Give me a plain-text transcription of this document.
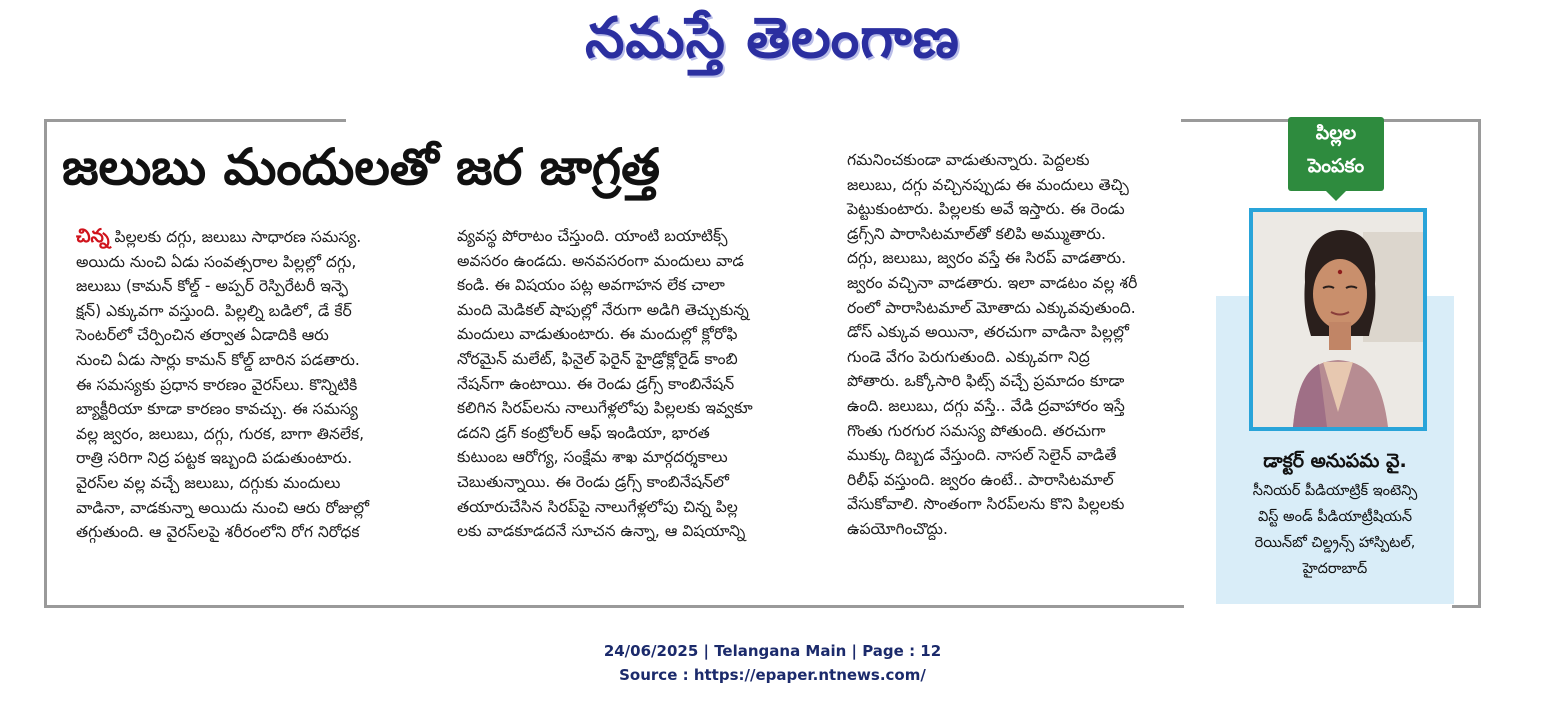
నమస్తే తెలంగాణ
జలుబు మందులతో జర జాగ్రత్త
చిన్న పిల్లలకు దగ్గు, జలుబు సాధారణ సమస్య.
అయిదు నుంచి ఏడు సంవత్సరాల పిల్లల్లో దగ్గు,
జలుబు (కామన్ కోల్డ్ - అప్పర్ రెస్పిరేటరీ ఇన్ఫె
క్షన్) ఎక్కువగా వస్తుంది. పిల్లల్ని బడిలో, డే కేర్
సెంటర్‌లో చేర్పించిన తర్వాత ఏడాదికి ఆరు
నుంచి ఏడు సార్లు కామన్ కోల్డ్ బారిన పడతారు.
ఈ సమస్యకు ప్రధాన కారణం వైరస్‌లు. కొన్నిటికి
బ్యాక్టీరియా కూడా కారణం కావచ్చు. ఈ సమస్య
వల్ల జ్వరం, జలుబు, దగ్గు, గురక, బాగా తినలేక,
రాత్రి సరిగా నిద్ర పట్టక ఇబ్బంది పడుతుంటారు.
వైరస్‌ల వల్ల వచ్చే జలుబు, దగ్గుకు మందులు
వాడినా, వాడకున్నా అయిదు నుంచి ఆరు రోజుల్లో
తగ్గుతుంది. ఆ వైరస్‌లపై శరీరంలోని రోగ నిరోధక
వ్యవస్థ పోరాటం చేస్తుంది. యాంటి బయాటిక్స్
అవసరం ఉండదు. అనవసరంగా మందులు వాడ
కండి. ఈ విషయం పట్ల అవగాహన లేక చాలా
మంది మెడికల్ షాపుల్లో నేరుగా అడిగి తెచ్చుకున్న
మందులు వాడుతుంటారు. ఈ మందుల్లో క్లోరోఫి
నోరమైన్ మలేట్, ఫినైల్ ఫెరైన్ హైడ్రోక్లోరైడ్ కాంబి
నేషన్‌గా ఉంటాయి. ఈ రెండు డ్రగ్స్ కాంబినేషన్
కలిగిన సిరప్‌లను నాలుగేళ్లలోపు పిల్లలకు ఇవ్వకూ
డదని డ్రగ్ కంట్రోలర్ ఆఫ్ ఇండియా, భారత
కుటుంబ ఆరోగ్య, సంక్షేమ శాఖ మార్గదర్శకాలు
చెబుతున్నాయి. ఈ రెండు డ్రగ్స్ కాంబినేషన్‌లో
తయారుచేసిన సిరప్‌పై నాలుగేళ్లలోపు చిన్న పిల్ల
లకు వాడకూడదనే సూచన ఉన్నా, ఆ విషయాన్ని
గమనించకుండా వాడుతున్నారు. పెద్దలకు
జలుబు, దగ్గు వచ్చినప్పుడు ఈ మందులు తెచ్చి
పెట్టుకుంటారు. పిల్లలకు అవే ఇస్తారు. ఈ రెండు
డ్రగ్స్‌ని పారాసిటమాల్‌తో కలిపి అమ్ముతారు.
దగ్గు, జలుబు, జ్వరం వస్తే ఈ సిరప్ వాడతారు.
జ్వరం వచ్చినా వాడతారు. ఇలా వాడటం వల్ల శరీ
రంలో పారాసిటమాల్ మోతాదు ఎక్కువవుతుంది.
డోస్ ఎక్కువ అయినా, తరచుగా వాడినా పిల్లల్లో
గుండె వేగం పెరుగుతుంది. ఎక్కువగా నిద్ర
పోతారు. ఒక్కోసారి ఫిట్స్ వచ్చే ప్రమాదం కూడా
ఉంది. జలుబు, దగ్గు వస్తే.. వేడి ద్రవాహారం ఇస్తే
గొంతు గురగుర సమస్య పోతుంది. తరచుగా
ముక్కు దిబ్బడ వేస్తుంది. నాసల్ సెలైన్ వాడితే
రిలీఫ్ వస్తుంది. జ్వరం ఉంటే.. పారాసిటమాల్
వేసుకోవాలి. సొంతంగా సిరప్‌లను కొని పిల్లలకు
ఉపయోగించొద్దు.
పిల్లల
పెంపకం
డాక్టర్ అనుపమ వై.
సీనియర్ పీడియాట్రిక్ ఇంటెన్సి
విస్ట్ అండ్ పీడియాట్రీషియన్
రెయిన్‌బో చిల్డ్రన్స్ హాస్పిటల్,
హైదరాబాద్
24/06/2025 | Telangana Main | Page : 12
Source : https://epaper.ntnews.com/
